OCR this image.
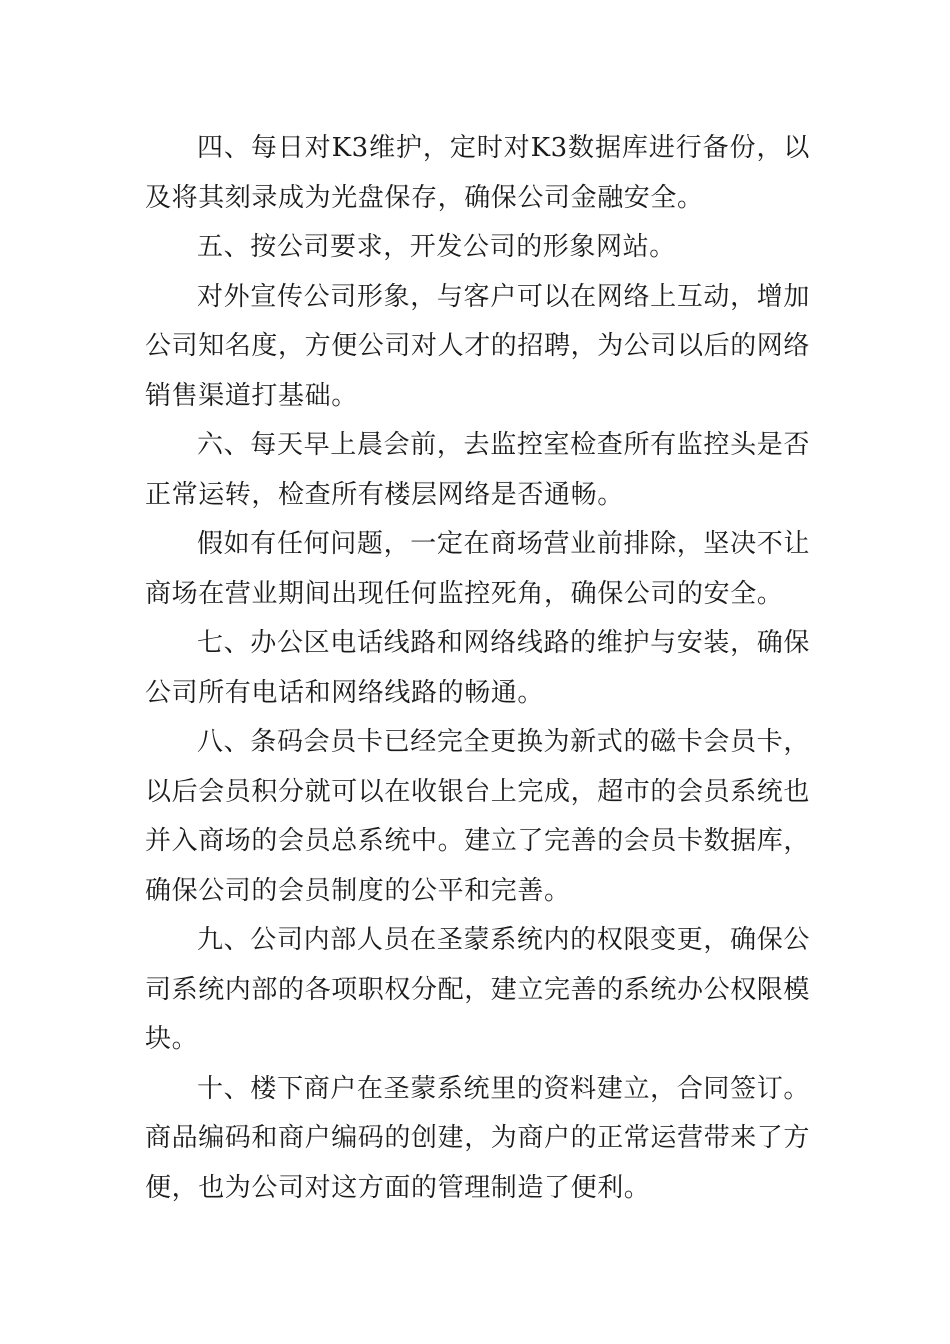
四、每日对K3维护，定时对K3数据库进行备份，以及将其刻录成为光盘保存，确保公司金融安全。

五、按公司要求，开发公司的形象网站。

对外宣传公司形象，与客户可以在网络上互动，增加公司知名度，方便公司对人才的招聘，为公司以后的网络销售渠道打基础。

六、每天早上晨会前，去监控室检查所有监控头是否正常运转，检查所有楼层网络是否通畅。

假如有任何问题，一定在商场营业前排除，坚决不让商场在营业期间出现任何监控死角，确保公司的安全。

七、办公区电话线路和网络线路的维护与安装，确保公司所有电话和网络线路的畅通。

八、条码会员卡已经完全更换为新式的磁卡会员卡，以后会员积分就可以在收银台上完成，超市的会员系统也并入商场的会员总系统中。建立了完善的会员卡数据库，确保公司的会员制度的公平和完善。

九、公司内部人员在圣蒙系统内的权限变更，确保公司系统内部的各项职权分配，建立完善的系统办公权限模块。

十、楼下商户在圣蒙系统里的资料建立，合同签订。商品编码和商户编码的创建，为商户的正常运营带来了方便，也为公司对这方面的管理制造了便利。
